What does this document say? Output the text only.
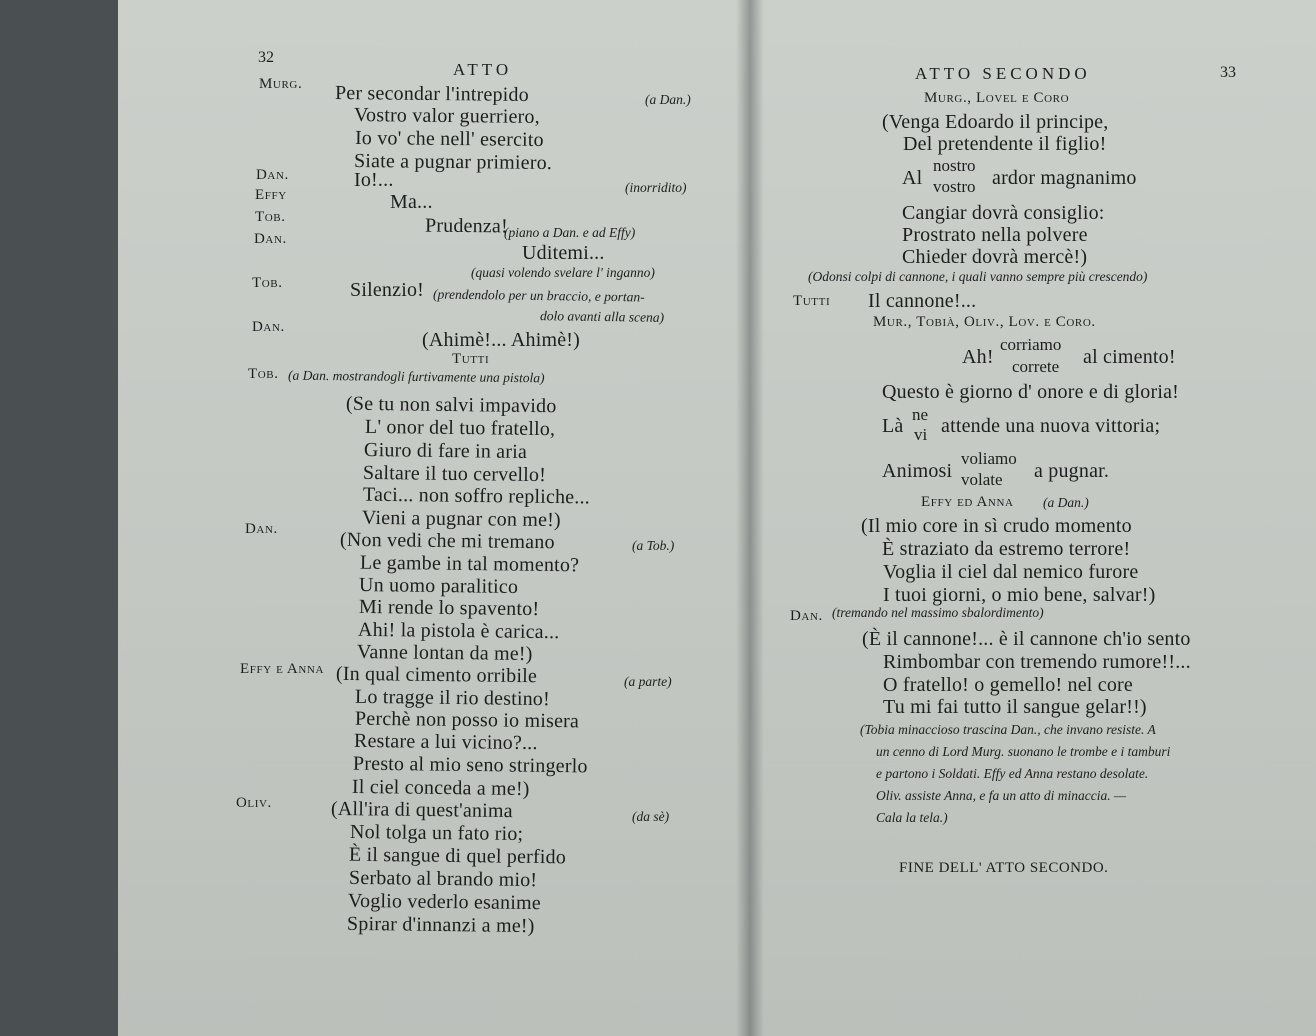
32
ATTO
Murg. Per secondar l'intrepido	(a Dan.)
Vostro valor guerriero,
Io vo' che nell' esercito
Siate a pugnar primiero.
Dan.	Io!...	(inorridito)
Effy	Ma...
Tob.	Prudenza!
(piano a Dan. e ad Effy)
Dan.
Uditemi...
(quasi volendo svelare l' inganno)
Tob.	Silenzio! (prendendolo per un braccio, e portan-
dolo avanti alla scena)
Dan.
(Ahimè!... Ahimè!)
Tutti
Tob. (a Dan. mostrandogli furtivamente una pistola)
(Se tu non salvi impavido
L' onor del tuo fratello,
Giuro di fare in aria
Saltare il tuo cervello!
Taci... non soffro repliche...
Vieni a pugnar con me!)
Dan.	(Non vedi che mi tremano	(a Tob.)
Le gambe in tal momento?
Un uomo paralitico
Mi rende lo spavento!
Ahi! la pistola è carica...
Vanne lontan da me!)
Effy e Anna (In qual cimento orribile	(a parte)
Lo tragge il rio destino!
Perchè non posso io misera
Restare a lui vicino?...
Presto al mio seno stringerlo
Il ciel conceda a me!)
Oliv.	(All'ira di quest'anima	(da sè)
Nol tolga un fato rio;
È il sangue di quel perfido
Serbato al brando mio!
Voglio vederlo esanime
Spirar d'innanzi a me!)
ATTO SECONDO	33
Murg., Lovel e Coro
(Venga Edoardo il principe,
Del pretendente il figlio!
Al
nostro
vostro ardor magnanimo
Cangiar dovrà consiglio:
Prostrato nella polvere
Chieder dovrà mercè!)
(Odonsi colpi di cannone, i quali vanno sempre più crescendo)
Tutti Il cannone!...
Mur., Tobià, Oliv., Lov. e Coro.
Ah!
corriamo
correte al cimento!
Questo è giorno d' onore e di gloria!
Là
ne
vi attende una nuova vittoria;
Animosi
voliamo
volate a pugnar.
Effy ed Anna (a Dan.)
(Il mio core in sì crudo momento
È straziato da estremo terrore!
Voglia il ciel dal nemico furore
I tuoi giorni, o mio bene, salvar!)
Dan. (tremando nel massimo sbalordimento)
(È il cannone!... è il cannone ch'io sento
Rimbombar con tremendo rumore!!...
O fratello! o gemello! nel core
Tu mi fai tutto il sangue gelar!!)
(Tobia minaccioso trascina Dan., che invano resiste. A
un cenno di Lord Murg. suonano le trombe e i tamburi
e partono i Soldati. Effy ed Anna restano desolate.
Oliv. assiste Anna, e fa un atto di minaccia. —
Cala la tela.)
FINE DELL' ATTO SECONDO.
